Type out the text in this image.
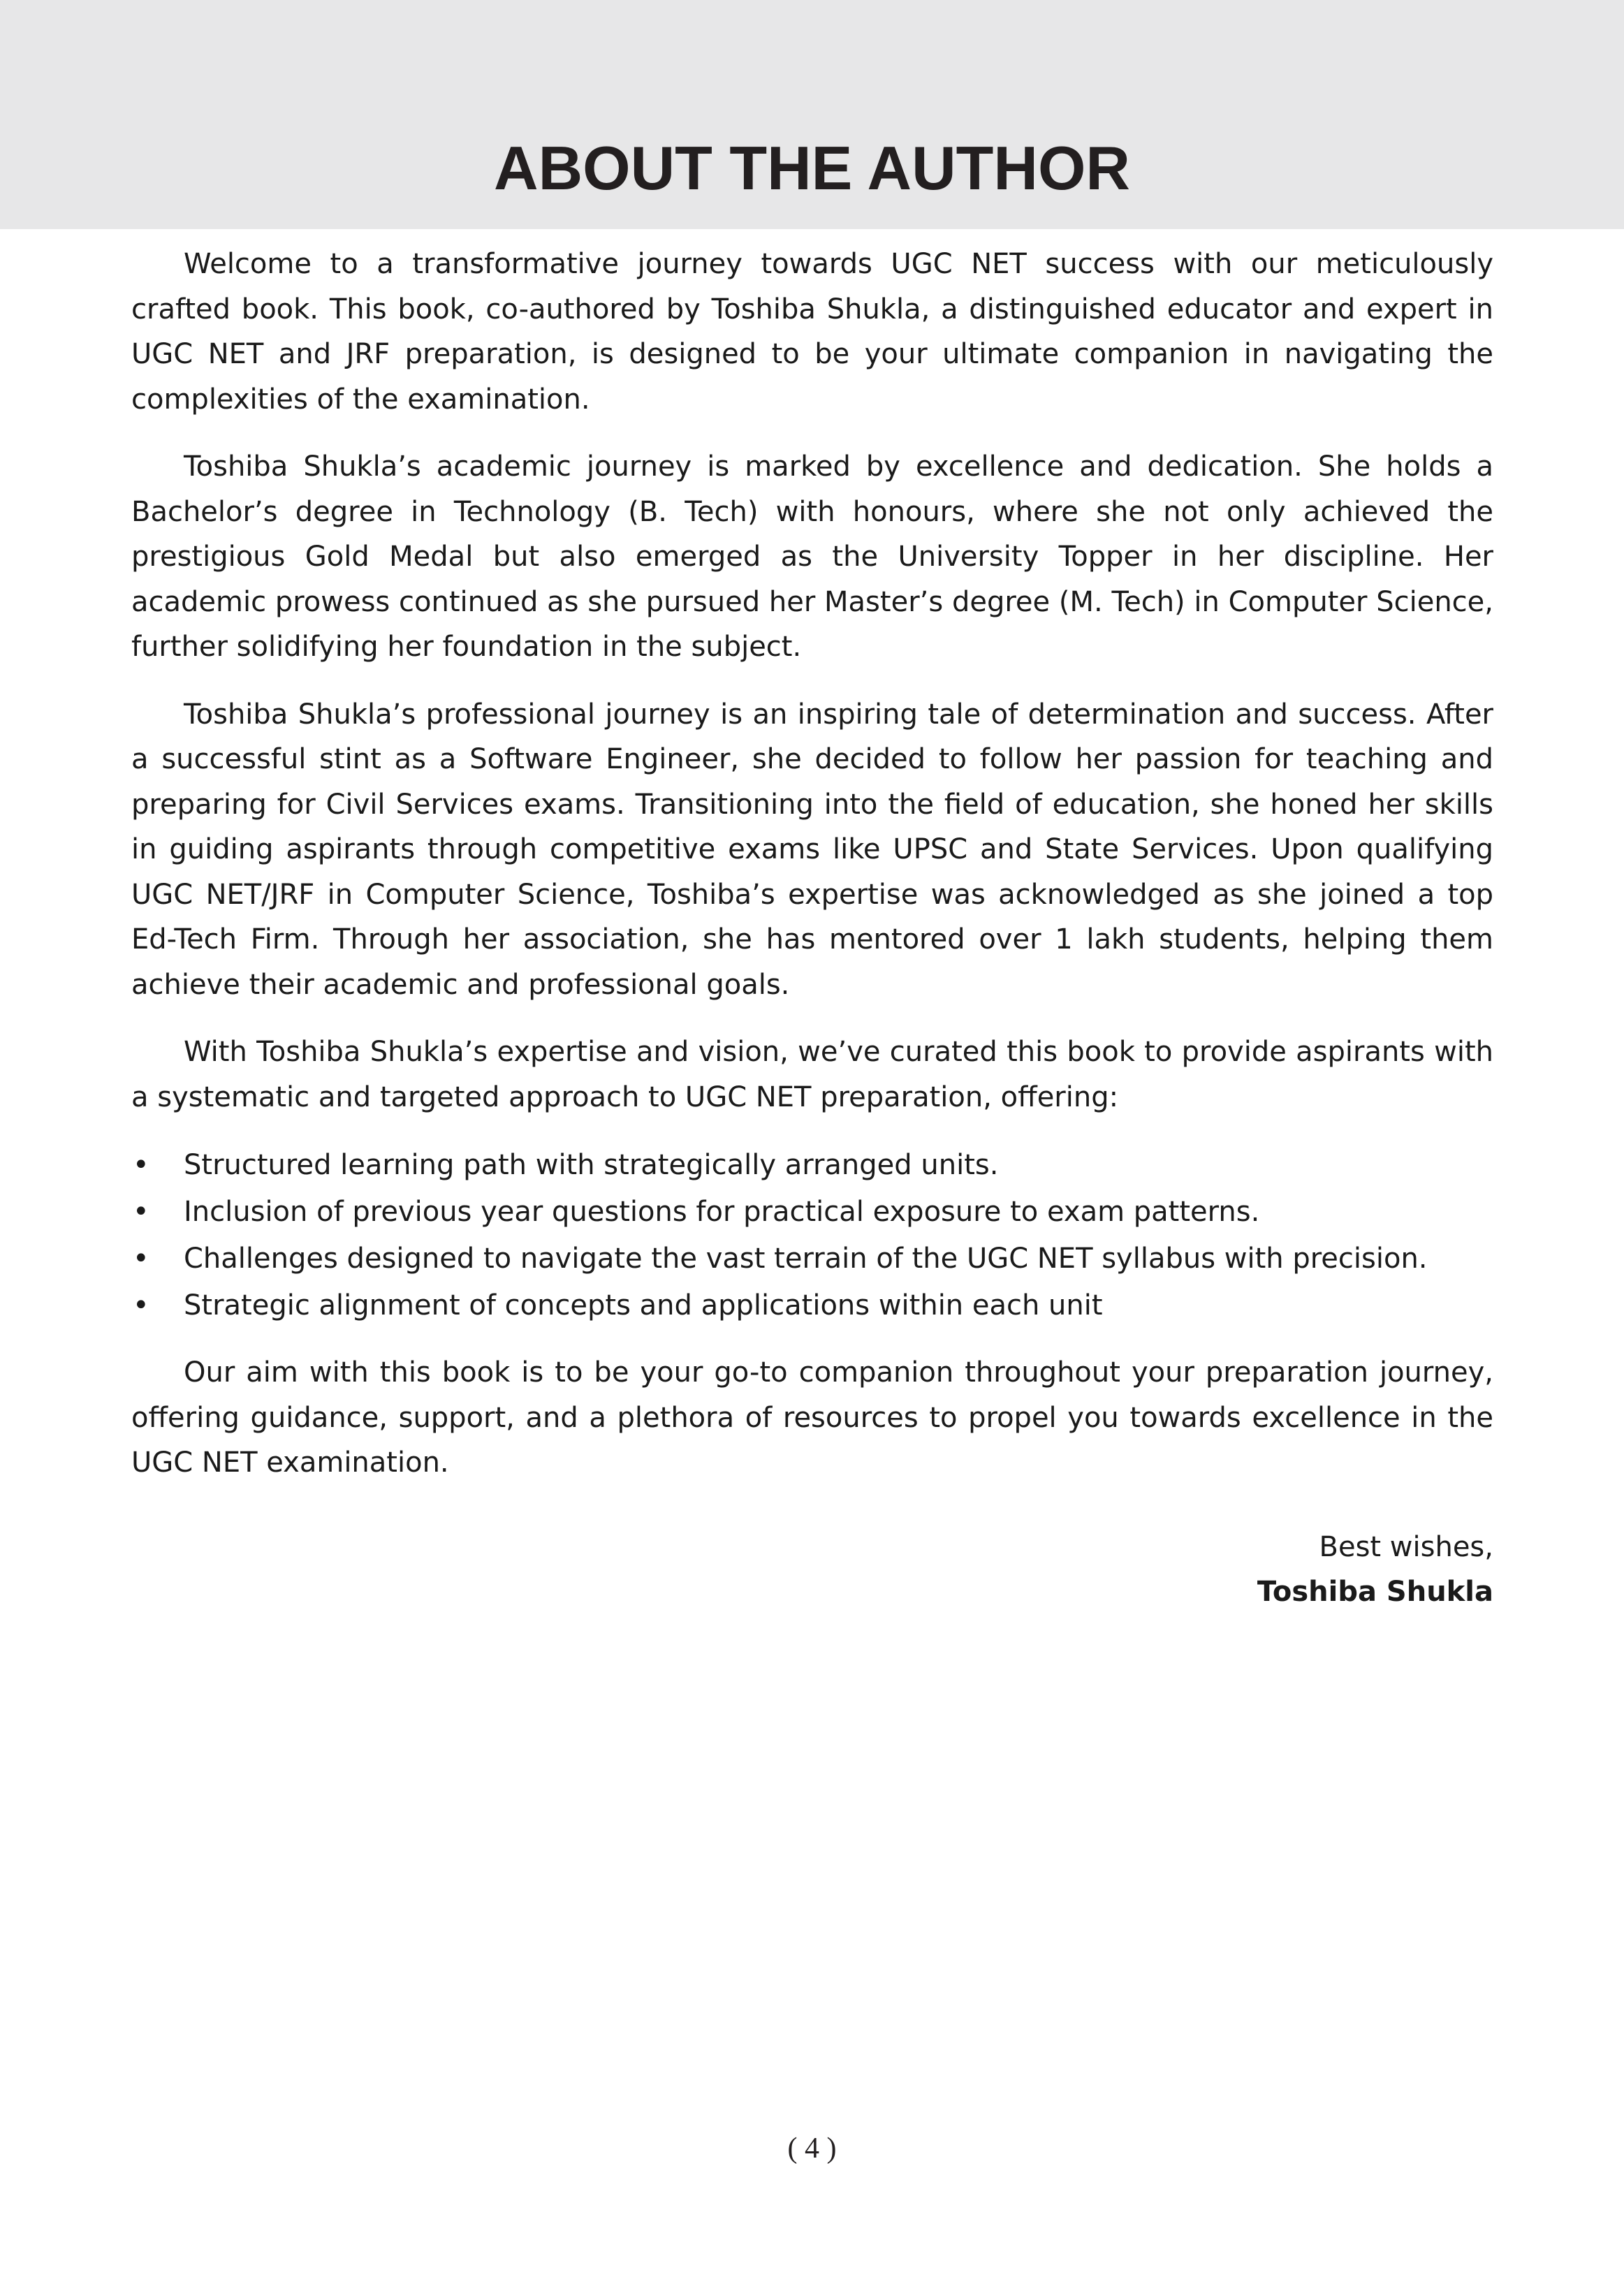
ABOUT THE AUTHOR

Welcome to a transformative journey towards UGC NET success with our meticulously crafted book. This book, co-authored by Toshiba Shukla, a distinguished educator and expert in UGC NET and JRF preparation, is designed to be your ultimate companion in navigating the complexities of the examination.

Toshiba Shukla’s academic journey is marked by excellence and dedication. She holds a Bachelor’s degree in Technology (B. Tech) with honours, where she not only achieved the prestigious Gold Medal but also emerged as the University Topper in her discipline. Her academic prowess continued as she pursued her Master’s degree (M. Tech) in Computer Science, further solidifying her foundation in the subject.

Toshiba Shukla’s professional journey is an inspiring tale of determination and success. After a successful stint as a Software Engineer, she decided to follow her passion for teaching and preparing for Civil Services exams. Transitioning into the field of education, she honed her skills in guiding aspirants through competitive exams like UPSC and State Services. Upon qualifying UGC NET/JRF in Computer Science, Toshiba’s expertise was acknowledged as she joined a top Ed-Tech Firm. Through her association, she has mentored over 1 lakh students, helping them achieve their academic and professional goals.

With Toshiba Shukla’s expertise and vision, we’ve curated this book to provide aspirants with a systematic and targeted approach to UGC NET preparation, offering:

• Structured learning path with strategically arranged units.
• Inclusion of previous year questions for practical exposure to exam patterns.
• Challenges designed to navigate the vast terrain of the UGC NET syllabus with precision.
• Strategic alignment of concepts and applications within each unit

Our aim with this book is to be your go-to companion throughout your preparation journey, offering guidance, support, and a plethora of resources to propel you towards excellence in the UGC NET examination.

Best wishes,
Toshiba Shukla
( 4 )
